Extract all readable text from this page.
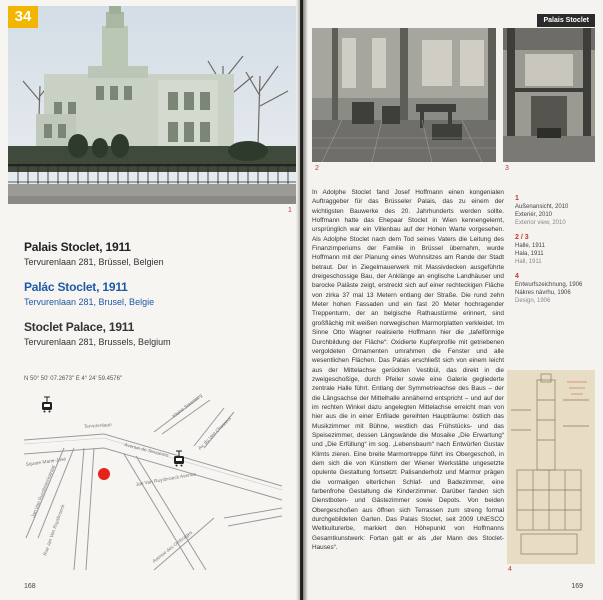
34
1

Palais Stoclet, 1911

Tervurenlaan 281, Brüssel, Belgien

Palác Stoclet, 1911

Tervurenlaan 281, Brusel, Belgie

Stoclet Palace, 1911

Tervurenlaan 281, Brussels, Belgium

N 50° 50' 07.2673" E 4° 24' 59.4576"
Tervurenlaan
Avenue de Tervueren
Square Marie-José
Jan Van Ruysbroeckstraat
Rue Jan Van Ruysbroeck
Jan Van Ruysbroeck Avenue
Avenue des Ombrages
Kleine Steenweg
Av. du Vert Chasseur
168
Palais Stoclet
2	3

In Adolphe Stoclet fand Josef Hoffmann einen kongenialen Auftraggeber für das Brüsseler Palais, das zu einem der wichtigsten Bauwerke des 20. Jahrhunderts werden sollte. Hoffmann hatte das Ehepaar Stoclet in Wien kennengelernt, ursprünglich war ein Villenbau auf der Hohen Warte vorgesehen. Als Adolphe Stoclet nach dem Tod seines Vaters die Leitung des Finanzimperiums der Familie in Brüssel übernahm, wurde Hoffmann mit der Planung eines Wohnsitzes am Rande der Stadt betraut. Der in Ziegelmauerwerk mit Massivdecken ausgeführte dreigeschossige Bau, der Anklänge an englische Landhäuser und barocke Paläste zeigt, erstreckt sich auf einer rechteckigen Fläche von zirka 37 mal 13 Metern entlang der Straße. Die rund zehn Meter hohen Fassaden und ein fast 20 Meter hochragender Treppenturm, der an belgische Rathaustürme erinnert, sind großflächig mit weißen norwegischen Marmorplatten verkleidet. Im Sinne Otto Wagner realisierte Hoffmann hier die „tafelförmige Durchbildung der Fläche“: Oxidierte Kupferprofile mit getriebenen vergoldeten Ornamenten umrahmen die Fenster und alle wesentlichen Flächen. Das Palais erschließt sich von einem leicht aus der Mittelachse gerückten Vestibül, das direkt in die zweigeschoßige, durch Pfeiler sowie eine Galerie gegliederte zentrale Halle führt. Entlang der Symmetrieachse des Baus – der die Längsachse der Mittelhalle annähernd entspricht – und auf der im rechten Winkel dazu angelegten Mittelachse erreicht man von hier aus die in einer Enfilade gereihten Haupträume: östlich das Musikzimmer mit Bühne, westlich das Frühstücks- und das Speisezimmer, dessen Längswände die Mosaike „Die Erwartung“ und „Die Erfüllung“ im sog. „Lebensbaum“ nach Entwürfen Gustav Klimts zieren. Eine breite Marmortreppe führt ins Obergeschoß, in dem sich die von Künstlern der Wiener Werkstätte ungesetzte opulente Gestaltung fortsetzt: Palisanderholz und Marmor prägen die vormaligen elterlichen Schlaf- und Badezimmer, eine farbenfrohe Gestaltung die Kinderzimmer. Darüber fanden sich Dienstboten- und Gästezimmer sowie Depots. Von beiden Obergeschoßen aus öffnen sich Terrassen zum streng formal durchgebildeten Garten. Das Palais Stoclet, seit 2009 UNESCO Weltkulturerbe, markiert den Höhepunkt von Hoffmanns Gesamtkunstwerk: Fortan galt er als „der Mann des Stoclet-Hauses“.

1
Außenansicht, 2010
Exteriér, 2010
Exterior view, 2010
2 / 3
Halle, 1911
Hala, 1911
Hall, 1911
4
Entwurfszeichnung, 1906
Nákres návrhu, 1906
Design, 1906
4
169
